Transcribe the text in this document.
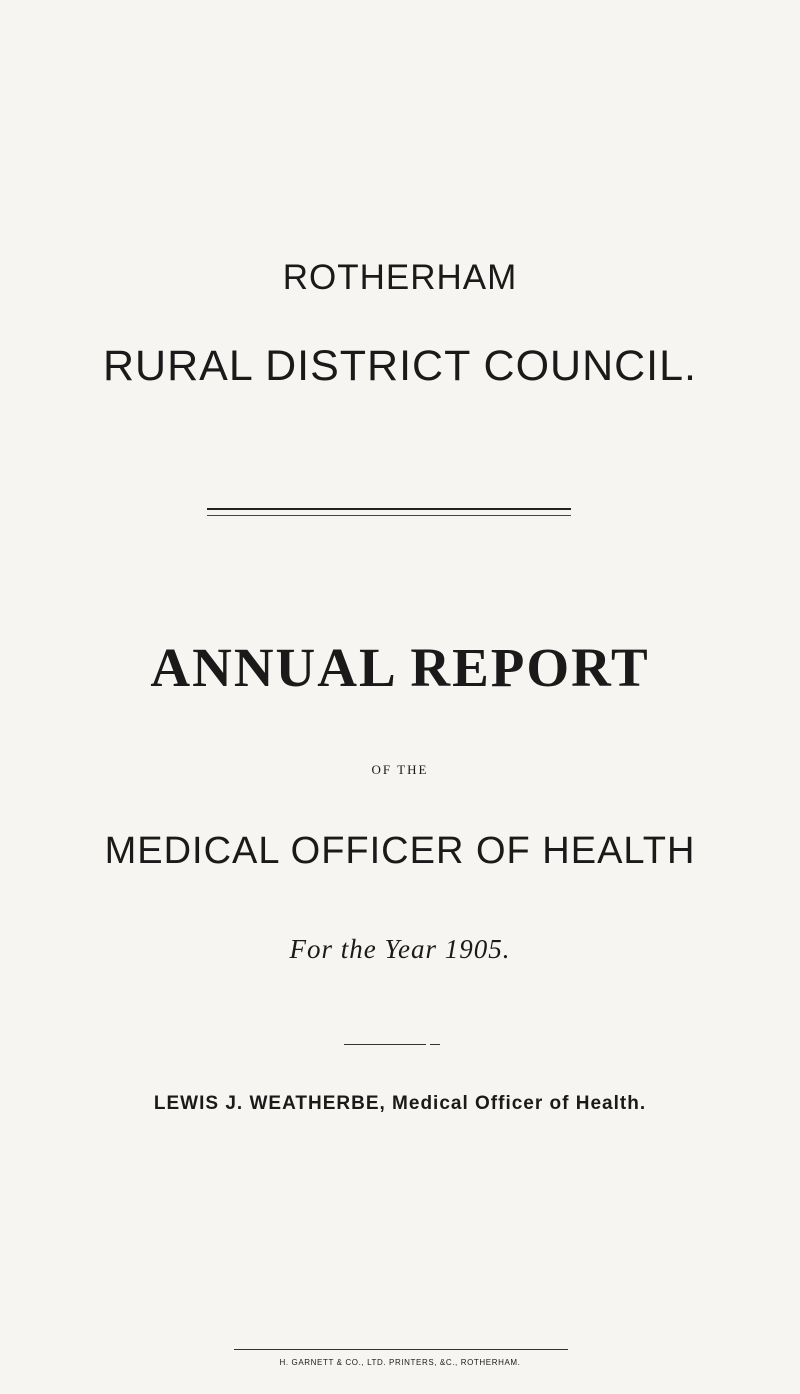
ROTHERHAM
RURAL DISTRICT COUNCIL.
ANNUAL REPORT
OF THE
MEDICAL OFFICER OF HEALTH
For the Year 1905.
LEWIS J. WEATHERBE, Medical Officer of Health.
H. GARNETT & CO., LTD. PRINTERS, &C., ROTHERHAM.
